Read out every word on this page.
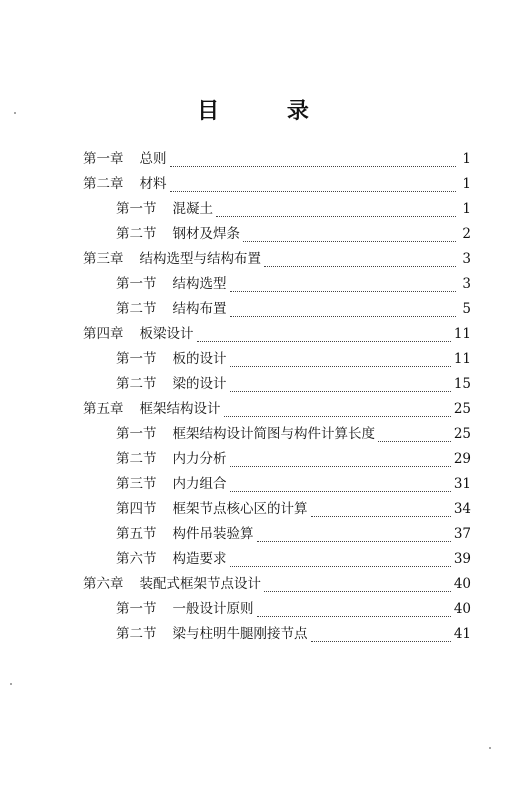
目 录
第一章 总则	1
第二章 材料	1
第一节 混凝土	1
第二节 钢材及焊条	2
第三章 结构选型与结构布置	3
第一节 结构选型	3
第二节 结构布置	5
第四章 板梁设计	11
第一节 板的设计	11
第二节 梁的设计	15
第五章 框架结构设计	25
第一节 框架结构设计简图与构件计算长度	25
第二节 内力分析	29
第三节 内力组合	31
第四节 框架节点核心区的计算	34
第五节 构件吊装验算	37
第六节 构造要求	39
第六章 装配式框架节点设计	40
第一节 一般设计原则	40
第二节 梁与柱明牛腿刚接节点	41
